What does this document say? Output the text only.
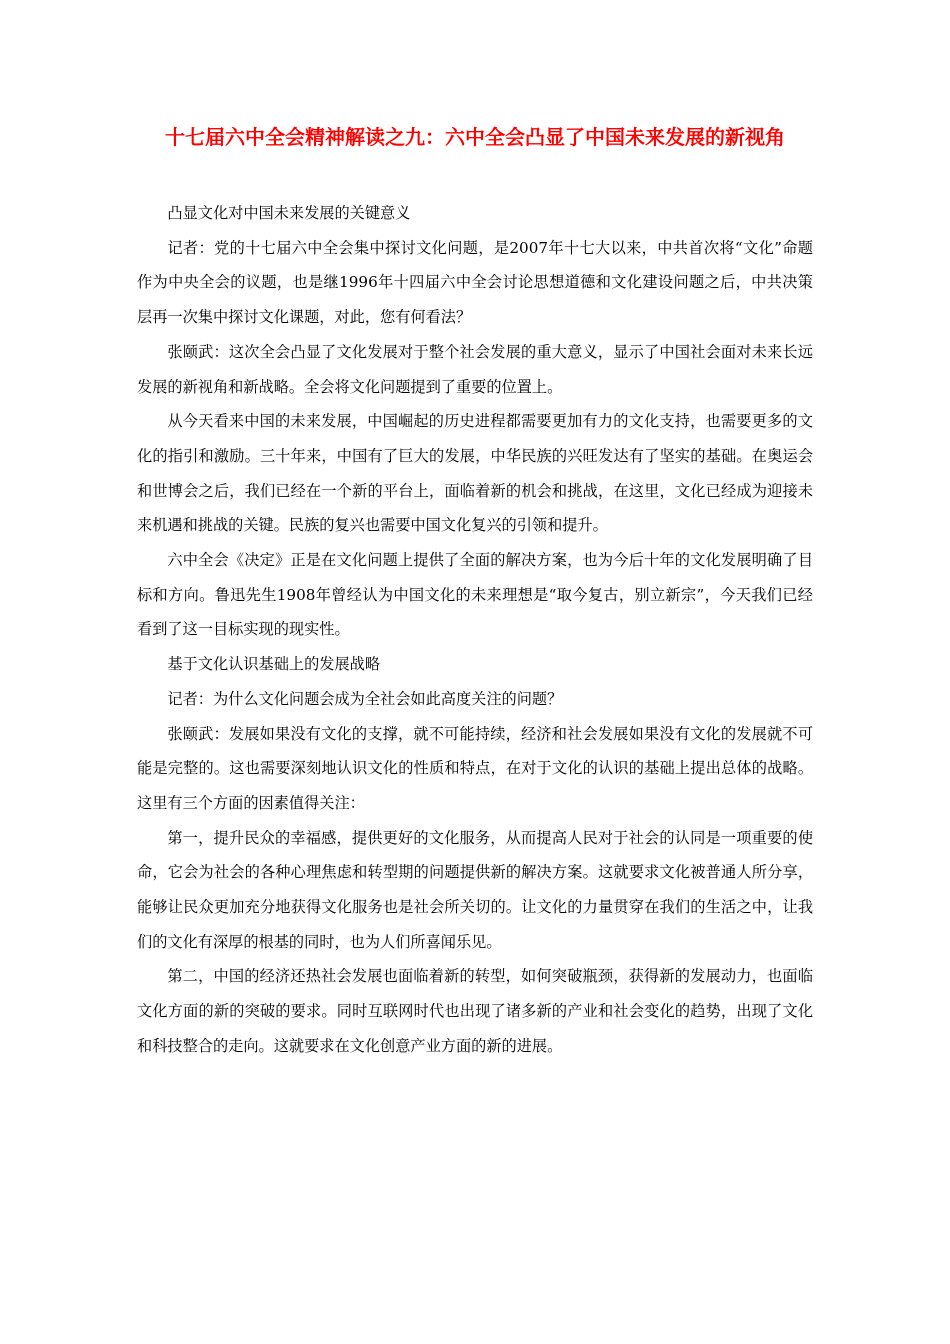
十七届六中全会精神解读之九：六中全会凸显了中国未来发展的新视角

凸显文化对中国未来发展的关键意义

记者：党的十七届六中全会集中探讨文化问题，是2007年十七大以来，中共首次将“文化”命题作为中央全会的议题，也是继1996年十四届六中全会讨论思想道德和文化建设问题之后，中共决策层再一次集中探讨文化课题，对此，您有何看法？

张颐武：这次全会凸显了文化发展对于整个社会发展的重大意义，显示了中国社会面对未来长远发展的新视角和新战略。全会将文化问题提到了重要的位置上。

从今天看来中国的未来发展，中国崛起的历史进程都需要更加有力的文化支持，也需要更多的文化的指引和激励。三十年来，中国有了巨大的发展，中华民族的兴旺发达有了坚实的基础。在奥运会和世博会之后，我们已经在一个新的平台上，面临着新的机会和挑战，在这里，文化已经成为迎接未来机遇和挑战的关键。民族的复兴也需要中国文化复兴的引领和提升。

六中全会《决定》正是在文化问题上提供了全面的解决方案，也为今后十年的文化发展明确了目标和方向。鲁迅先生1908年曾经认为中国文化的未来理想是“取今复古，别立新宗”，今天我们已经看到了这一目标实现的现实性。

基于文化认识基础上的发展战略

记者：为什么文化问题会成为全社会如此高度关注的问题？

张颐武：发展如果没有文化的支撑，就不可能持续，经济和社会发展如果没有文化的发展就不可能是完整的。这也需要深刻地认识文化的性质和特点，在对于文化的认识的基础上提出总体的战略。这里有三个方面的因素值得关注：

第一，提升民众的幸福感，提供更好的文化服务，从而提高人民对于社会的认同是一项重要的使命，它会为社会的各种心理焦虑和转型期的问题提供新的解决方案。这就要求文化被普通人所分享，能够让民众更加充分地获得文化服务也是社会所关切的。让文化的力量贯穿在我们的生活之中，让我们的文化有深厚的根基的同时，也为人们所喜闻乐见。

第二，中国的经济还热社会发展也面临着新的转型，如何突破瓶颈，获得新的发展动力，也面临文化方面的新的突破的要求。同时互联网时代也出现了诸多新的产业和社会变化的趋势，出现了文化和科技整合的走向。这就要求在文化创意产业方面的新的进展。
